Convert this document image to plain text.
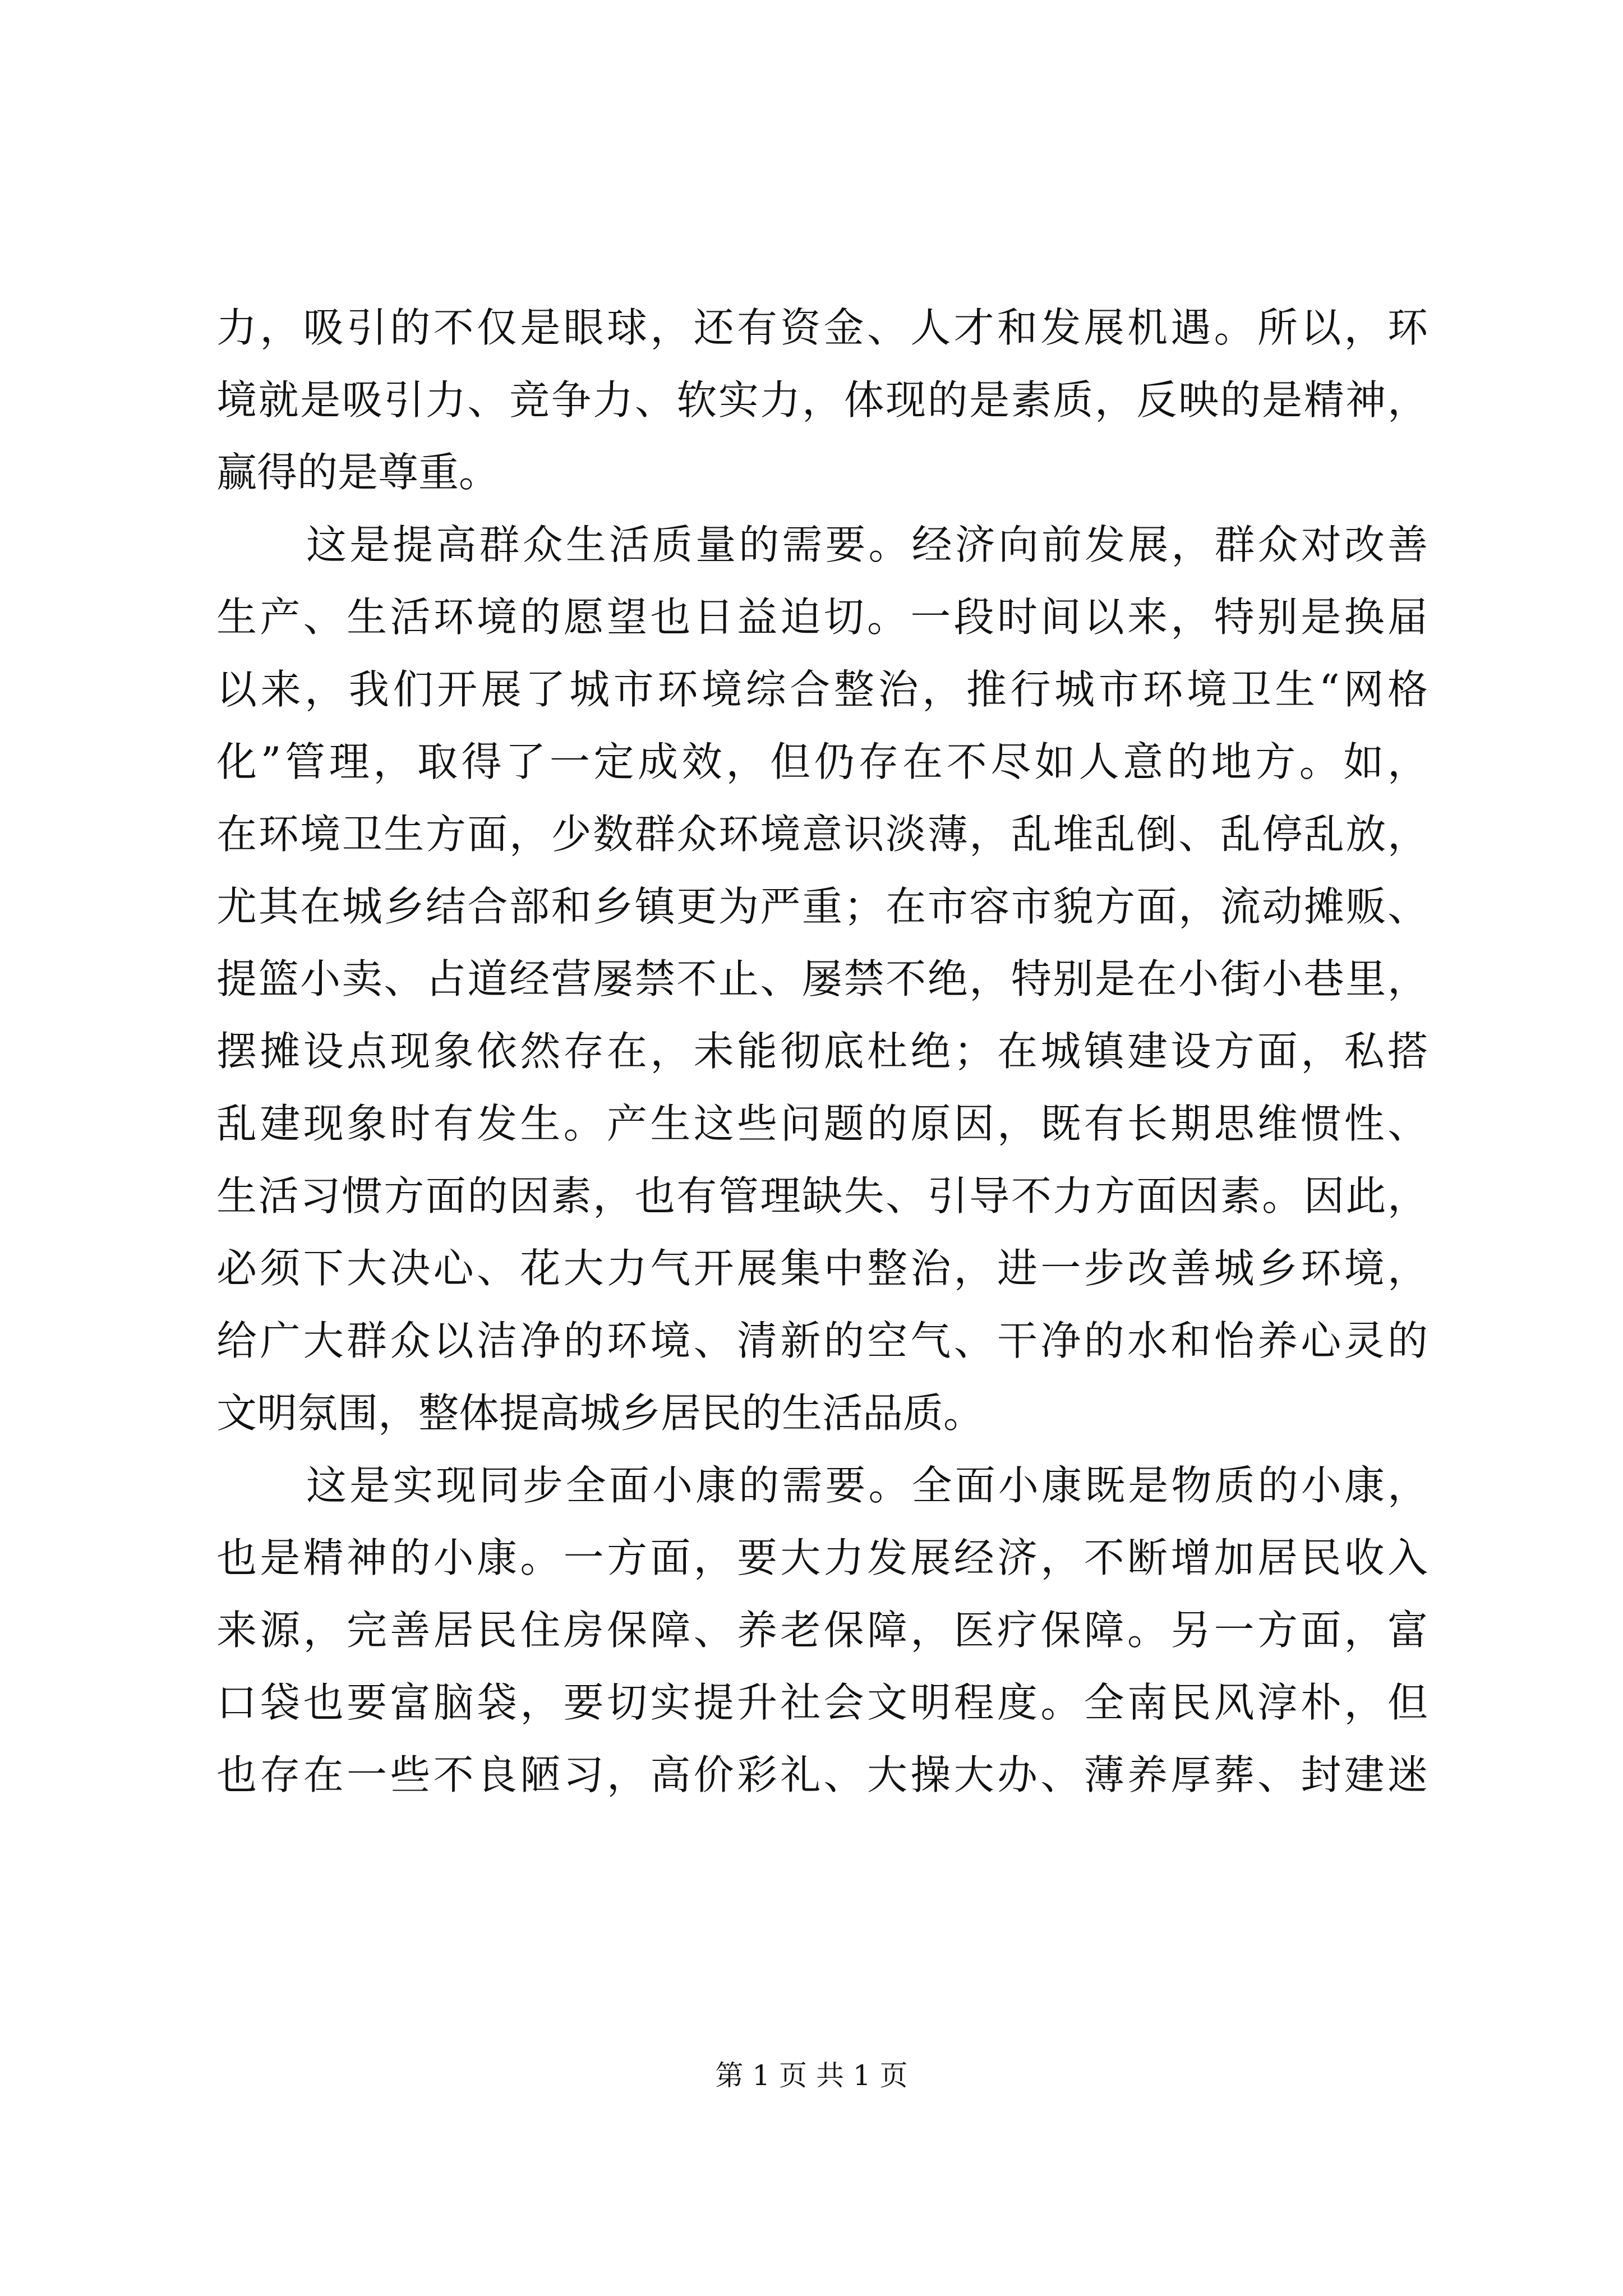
力，吸引的不仅是眼球，还有资金、人才和发展机遇。所以，环
境就是吸引力、竞争力、软实力，体现的是素质，反映的是精神，
赢得的是尊重。
这是提高群众生活质量的需要。经济向前发展，群众对改善
生产、生活环境的愿望也日益迫切。一段时间以来，特别是换届
以来，我们开展了城市环境综合整治，推行城市环境卫生“网格
化”管理，取得了一定成效，但仍存在不尽如人意的地方。如，
在环境卫生方面，少数群众环境意识淡薄，乱堆乱倒、乱停乱放，
尤其在城乡结合部和乡镇更为严重；在市容市貌方面，流动摊贩、
提篮小卖、占道经营屡禁不止、屡禁不绝，特别是在小街小巷里，
摆摊设点现象依然存在，未能彻底杜绝；在城镇建设方面，私搭
乱建现象时有发生。产生这些问题的原因，既有长期思维惯性、
生活习惯方面的因素，也有管理缺失、引导不力方面因素。因此，
必须下大决心、花大力气开展集中整治，进一步改善城乡环境，
给广大群众以洁净的环境、清新的空气、干净的水和怡养心灵的
文明氛围，整体提高城乡居民的生活品质。
这是实现同步全面小康的需要。全面小康既是物质的小康，
也是精神的小康。一方面，要大力发展经济，不断增加居民收入
来源，完善居民住房保障、养老保障，医疗保障。另一方面，富
口袋也要富脑袋，要切实提升社会文明程度。全南民风淳朴，但
也存在一些不良陋习，高价彩礼、大操大办、薄养厚葬、封建迷
第 1 页 共 1 页
